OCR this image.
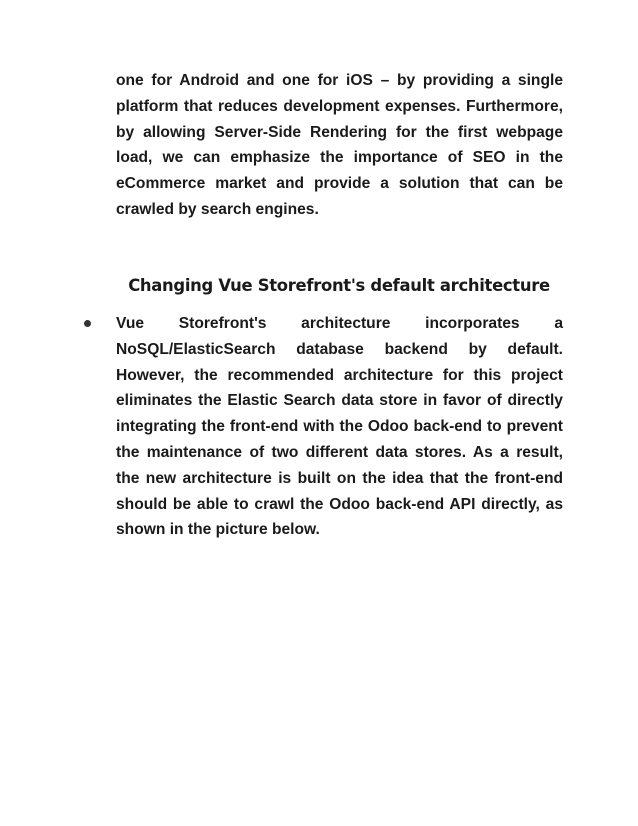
one for Android and one for iOS – by providing a single platform that reduces development expenses. Furthermore, by allowing Server-Side Rendering for the first webpage load, we can emphasize the importance of SEO in the eCommerce market and provide a solution that can be crawled by search engines.

Changing Vue Storefront's default architecture

Vue Storefront's architecture incorporates a NoSQL/ElasticSearch database backend by default. However, the recommended architecture for this project eliminates the Elastic Search data store in favor of directly integrating the front-end with the Odoo back-end to prevent the maintenance of two different data stores. As a result, the new architecture is built on the idea that the front-end should be able to crawl the Odoo back-end API directly, as shown in the picture below.
